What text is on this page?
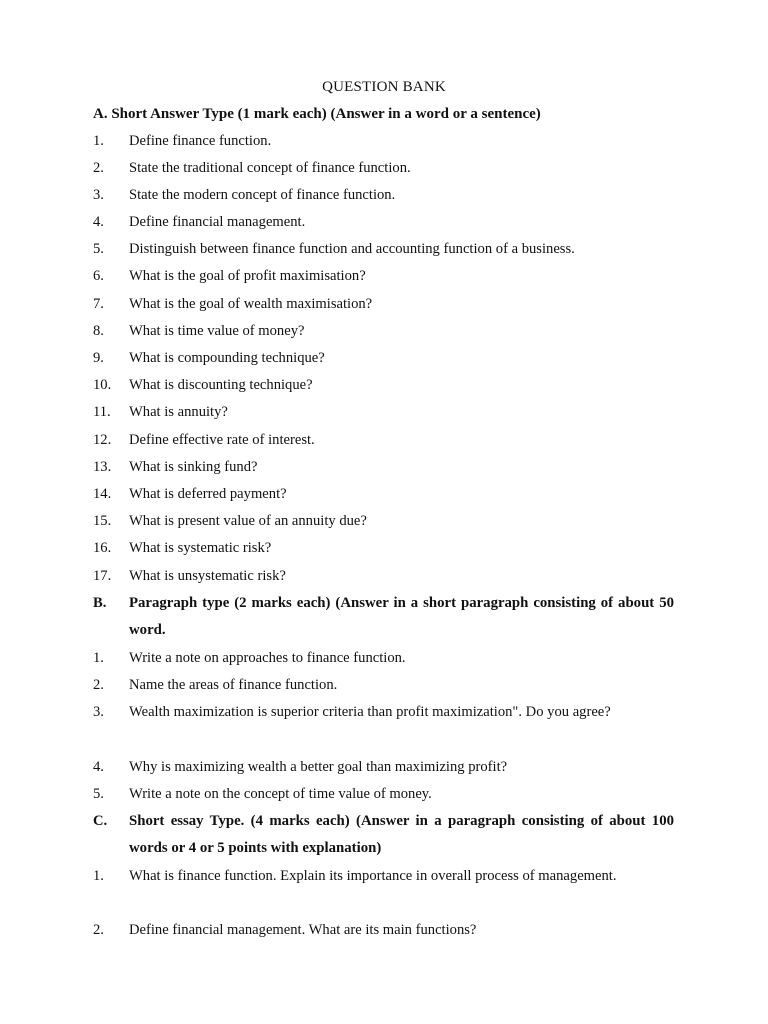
QUESTION BANK
A. Short Answer Type (1 mark each) (Answer in a word or a sentence)
1. Define finance function.
2. State the traditional concept of finance function.
3. State the modern concept of finance function.
4. Define financial management.
5. Distinguish between finance function and accounting function of a business.
6. What is the goal of profit maximisation?
7. What is the goal of wealth maximisation?
8. What is time value of money?
9. What is compounding technique?
10. What is discounting technique?
11. What is annuity?
12. Define effective rate of interest.
13. What is sinking fund?
14. What is deferred payment?
15. What is present value of an annuity due?
16. What is systematic risk?
17. What is unsystematic risk?
B. Paragraph type (2 marks each) (Answer in a short paragraph consisting of about 50 word.
1. Write a note on approaches to finance function.
2. Name the areas of finance function.
3. Wealth maximization is superior criteria than profit maximization". Do you agree?
4. Why is maximizing wealth a better goal than maximizing profit?
5. Write a note on the concept of time value of money.
C. Short essay Type. (4 marks each) (Answer in a paragraph consisting of about 100 words or 4 or 5 points with explanation)
1. What is finance function. Explain its importance in overall process of management.
2. Define financial management. What are its main functions?
